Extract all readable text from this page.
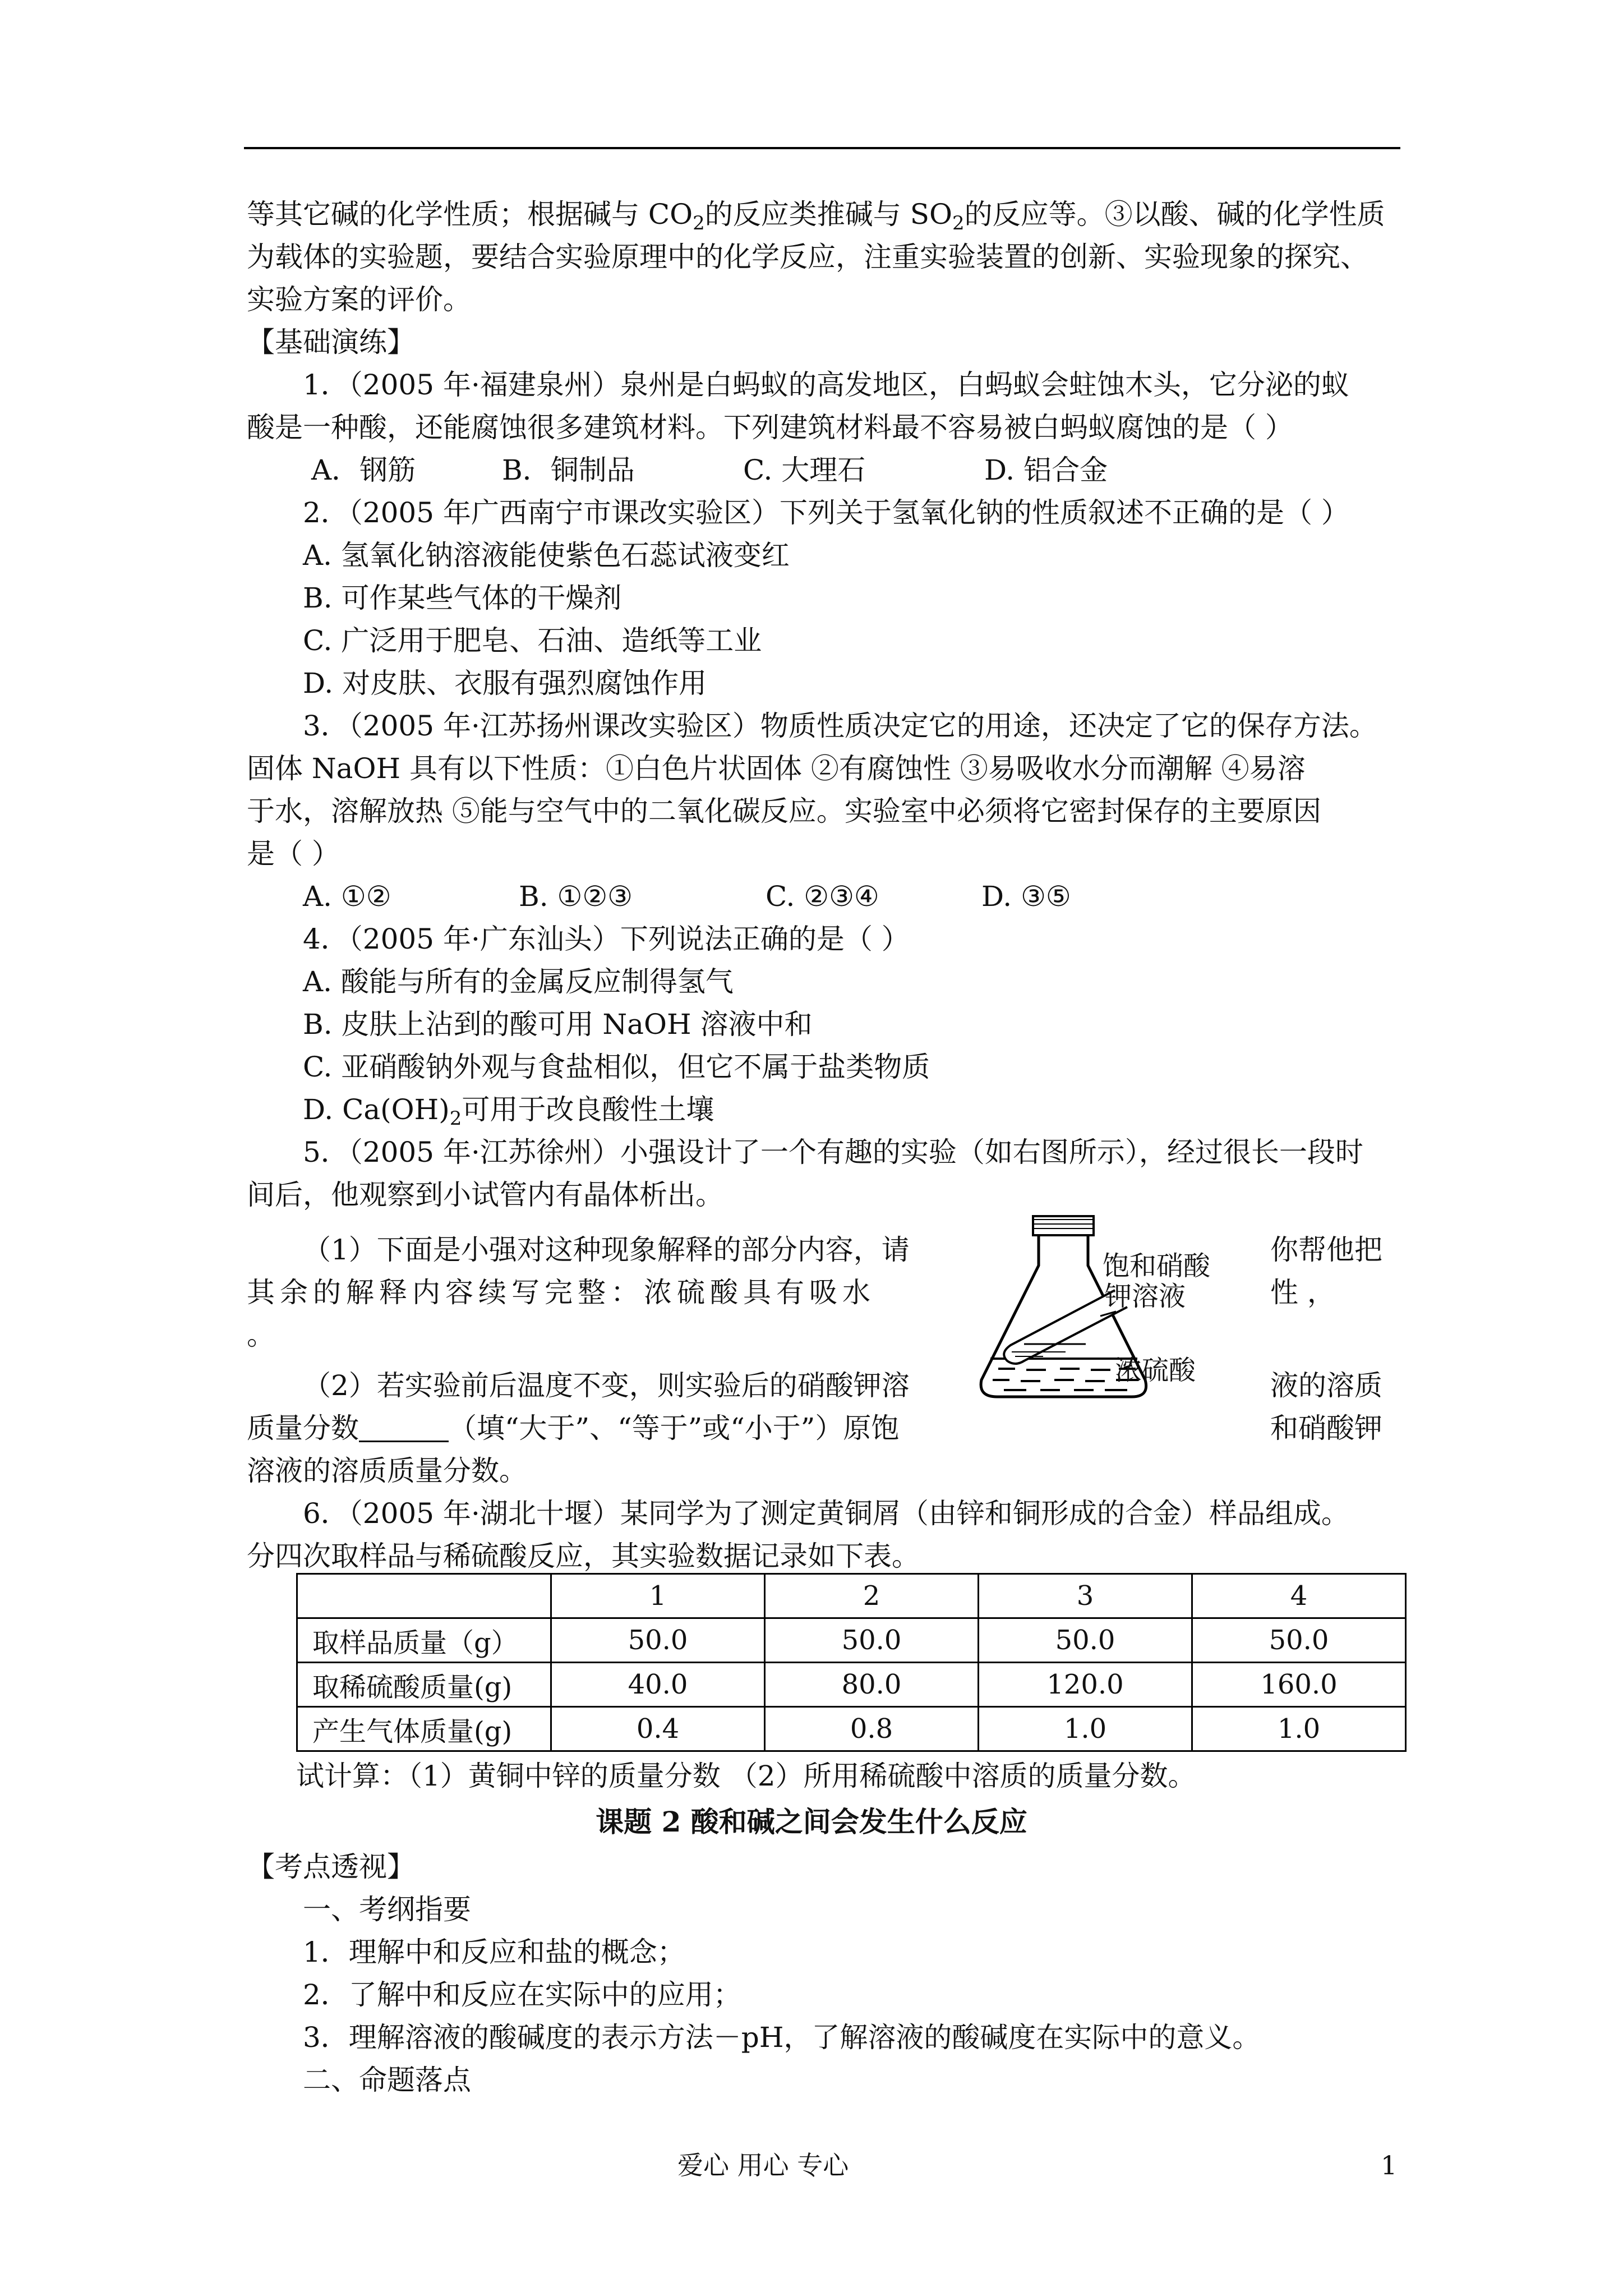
等其它碱的化学性质；根据碱与 $CO_2$的反应类推碱与 $SO_2$的反应等。③以酸、碱的化学性质
为载体的实验题，要结合实验原理中的化学反应，注重实验装置的创新、实验现象的探究、
实验方案的评价。
【基础演练】
1．（2005 年·福建泉州）泉州是白蚂蚁的高发地区，白蚂蚁会蛀蚀木头，它分泌的蚁
酸是一种酸，还能腐蚀很多建筑材料。下列建筑材料最不容易被白蚂蚁腐蚀的是（ ）
A．钢筋	B．铜制品	C. 大理石	D. 铝合金
2．（2005 年广西南宁市课改实验区）下列关于氢氧化钠的性质叙述不正确的是（ ）
A. 氢氧化钠溶液能使紫色石蕊试液变红
B. 可作某些气体的干燥剂
C. 广泛用于肥皂、石油、造纸等工业
D. 对皮肤、衣服有强烈腐蚀作用
3．（2005 年·江苏扬州课改实验区）物质性质决定它的用途，还决定了它的保存方法。
固体 NaOH 具有以下性质：①白色片状固体 ②有腐蚀性 ③易吸收水分而潮解 ④易溶
于水，溶解放热 ⑤能与空气中的二氧化碳反应。实验室中必须将它密封保存的主要原因
是（ ）
A. ①②	B. ①②③	C. ②③④	D. ③⑤
4．（2005 年·广东汕头）下列说法正确的是（ ）
A. 酸能与所有的金属反应制得氢气
B. 皮肤上沾到的酸可用 NaOH 溶液中和
C. 亚硝酸钠外观与食盐相似，但它不属于盐类物质
D. $Ca(OH)_2$可用于改良酸性土壤
5．（2005 年·江苏徐州）小强设计了一个有趣的实验（如右图所示），经过很长一段时
间后，他观察到小试管内有晶体析出。
（1）下面是小强对这种现象解释的部分内容，请	你帮他把
其余的解释内容续写完整：浓硫酸具有吸水	性 ，
。
（2）若实验前后温度不变，则实验后的硝酸钾溶	液的溶质
质量分数	（填“大于”、“等于”或“小于”）原饱	和硝酸钾
溶液的溶质质量分数。
饱和硝酸
钾溶液
浓硫酸
6．（2005 年·湖北十堰）某同学为了测定黄铜屑（由锌和铜形成的合金）样品组成。
分四次取样品与稀硫酸反应，其实验数据记录如下表。
	1	2	3	4
取样品质量（g）	50.0	50.0	50.0	50.0
取稀硫酸质量(g)	40.0	80.0	120.0	160.0
产生气体质量(g)	0.4	0.8	1.0	1.0
试计算：（1）黄铜中锌的质量分数 （2）所用稀硫酸中溶质的质量分数。
课题 2 酸和碱之间会发生什么反应
【考点透视】
一、考纲指要
1．理解中和反应和盐的概念；
2．了解中和反应在实际中的应用；
3．理解溶液的酸碱度的表示方法－pH，了解溶液的酸碱度在实际中的意义。
二、命题落点
爱心 用心 专心	1
